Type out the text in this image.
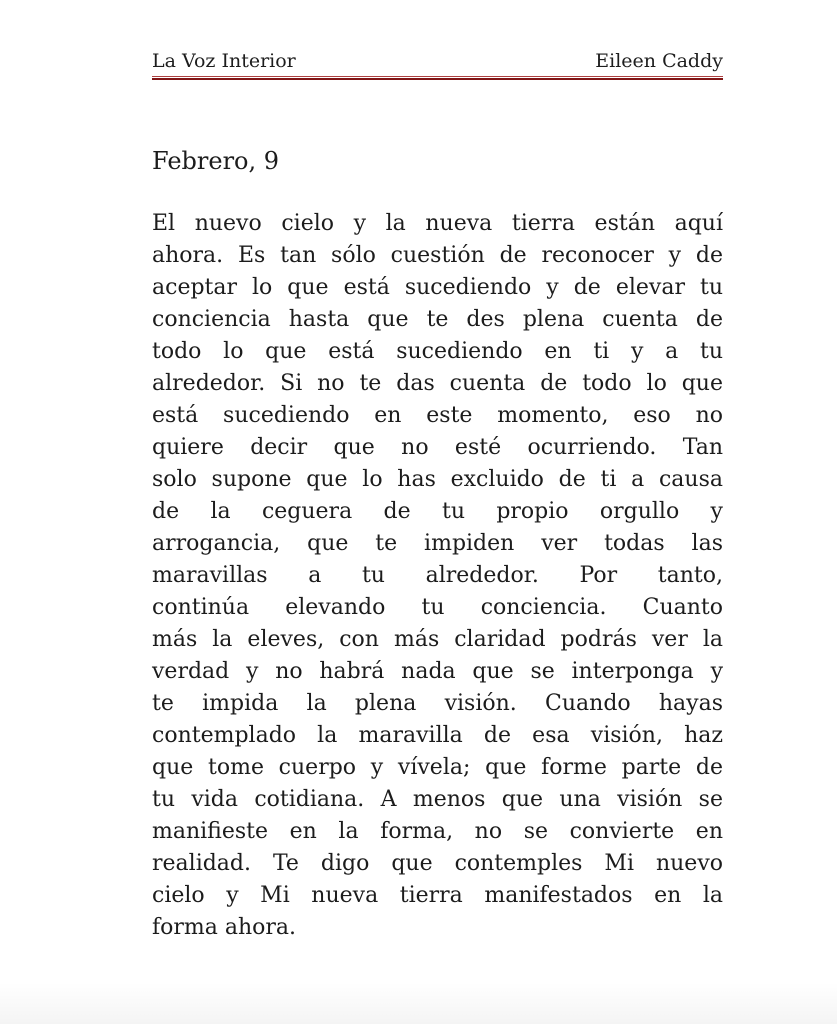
La Voz Interior	Eileen Caddy
Febrero, 9
El nuevo cielo y la nueva tierra están aquí
ahora. Es tan sólo cuestión de reconocer y de
aceptar lo que está sucediendo y de elevar tu
conciencia hasta que te des plena cuenta de
todo lo que está sucediendo en ti y a tu
alrededor. Si no te das cuenta de todo lo que
está sucediendo en este momento, eso no
quiere decir que no esté ocurriendo. Tan
solo supone que lo has excluido de ti a causa
de la ceguera de tu propio orgullo y
arrogancia, que te impiden ver todas las
maravillas a tu alrededor. Por tanto,
continúa elevando tu conciencia. Cuanto
más la eleves, con más claridad podrás ver la
verdad y no habrá nada que se interponga y
te impida la plena visión. Cuando hayas
contemplado la maravilla de esa visión, haz
que tome cuerpo y vívela; que forme parte de
tu vida cotidiana. A menos que una visión se
manifieste en la forma, no se convierte en
realidad. Te digo que contemples Mi nuevo
cielo y Mi nueva tierra manifestados en la
forma ahora.
